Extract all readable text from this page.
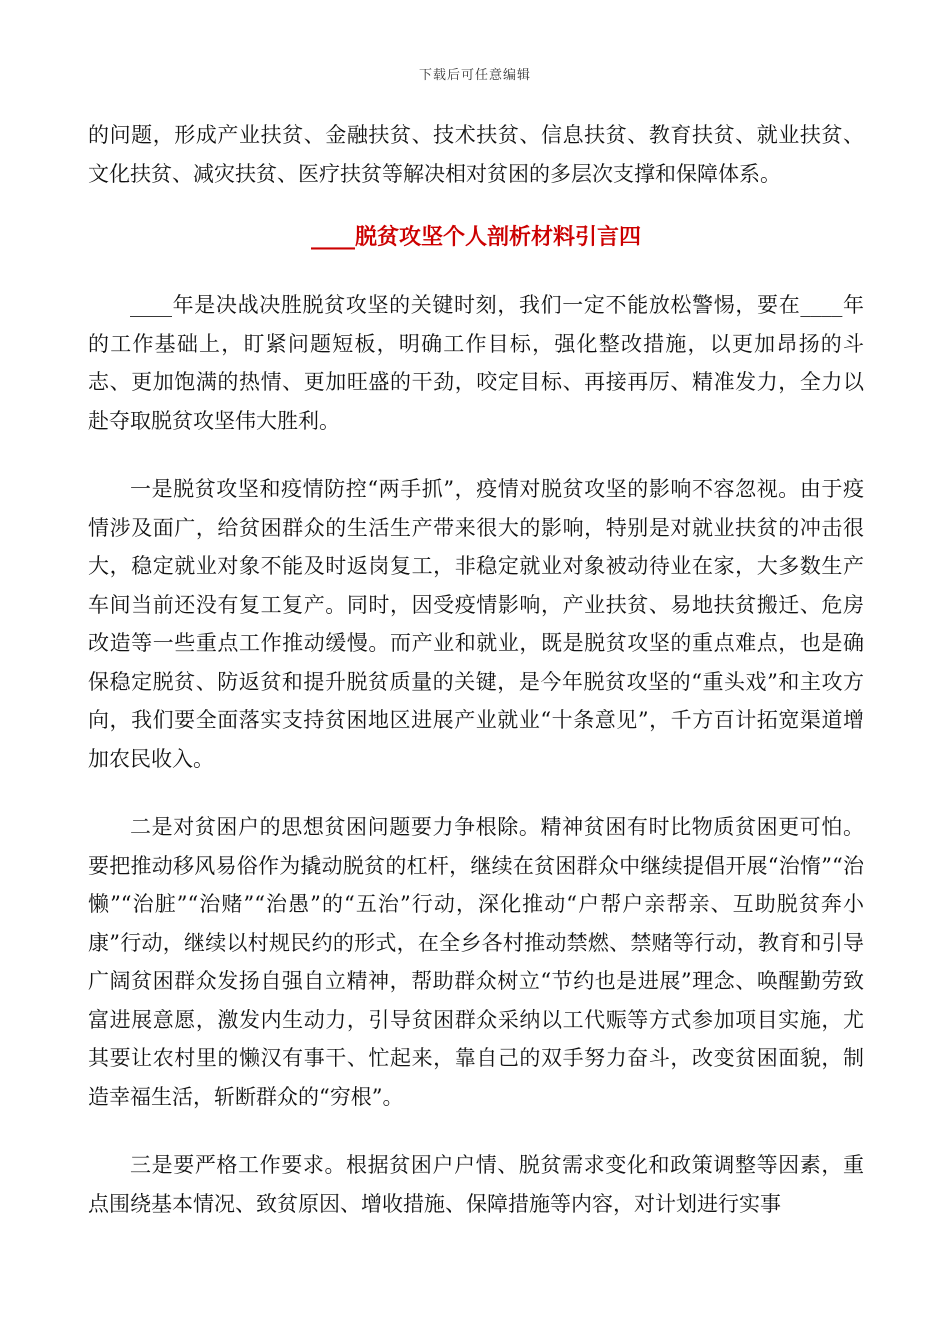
下载后可任意编辑

的问题，形成产业扶贫、金融扶贫、技术扶贫、信息扶贫、教育扶贫、就业扶贫、文化扶贫、减灾扶贫、医疗扶贫等解决相对贫困的多层次支撑和保障体系。

____脱贫攻坚个人剖析材料引言四

____年是决战决胜脱贫攻坚的关键时刻，我们一定不能放松警惕，要在____年的工作基础上，盯紧问题短板，明确工作目标，强化整改措施，以更加昂扬的斗志、更加饱满的热情、更加旺盛的干劲，咬定目标、再接再厉、精准发力，全力以赴夺取脱贫攻坚伟大胜利。

一是脱贫攻坚和疫情防控“两手抓”，疫情对脱贫攻坚的影响不容忽视。由于疫情涉及面广，给贫困群众的生活生产带来很大的影响，特别是对就业扶贫的冲击很大，稳定就业对象不能及时返岗复工，非稳定就业对象被动待业在家，大多数生产车间当前还没有复工复产。同时，因受疫情影响，产业扶贫、易地扶贫搬迁、危房改造等一些重点工作推动缓慢。而产业和就业，既是脱贫攻坚的重点难点，也是确保稳定脱贫、防返贫和提升脱贫质量的关键，是今年脱贫攻坚的“重头戏”和主攻方向，我们要全面落实支持贫困地区进展产业就业“十条意见”，千方百计拓宽渠道增加农民收入。

二是对贫困户的思想贫困问题要力争根除。精神贫困有时比物质贫困更可怕。要把推动移风易俗作为撬动脱贫的杠杆，继续在贫困群众中继续提倡开展“治惰”“治懒”“治脏”“治赌”“治愚”的“五治”行动，深化推动“户帮户亲帮亲、互助脱贫奔小康”行动，继续以村规民约的形式，在全乡各村推动禁燃、禁赌等行动，教育和引导广阔贫困群众发扬自强自立精神，帮助群众树立“节约也是进展”理念、唤醒勤劳致富进展意愿，激发内生动力，引导贫困群众采纳以工代赈等方式参加项目实施，尤其要让农村里的懒汉有事干、忙起来，靠自己的双手努力奋斗，改变贫困面貌，制造幸福生活，斩断群众的“穷根”。

三是要严格工作要求。根据贫困户户情、脱贫需求变化和政策调整等因素，重点围绕基本情况、致贫原因、增收措施、保障措施等内容，对计划进行实事
